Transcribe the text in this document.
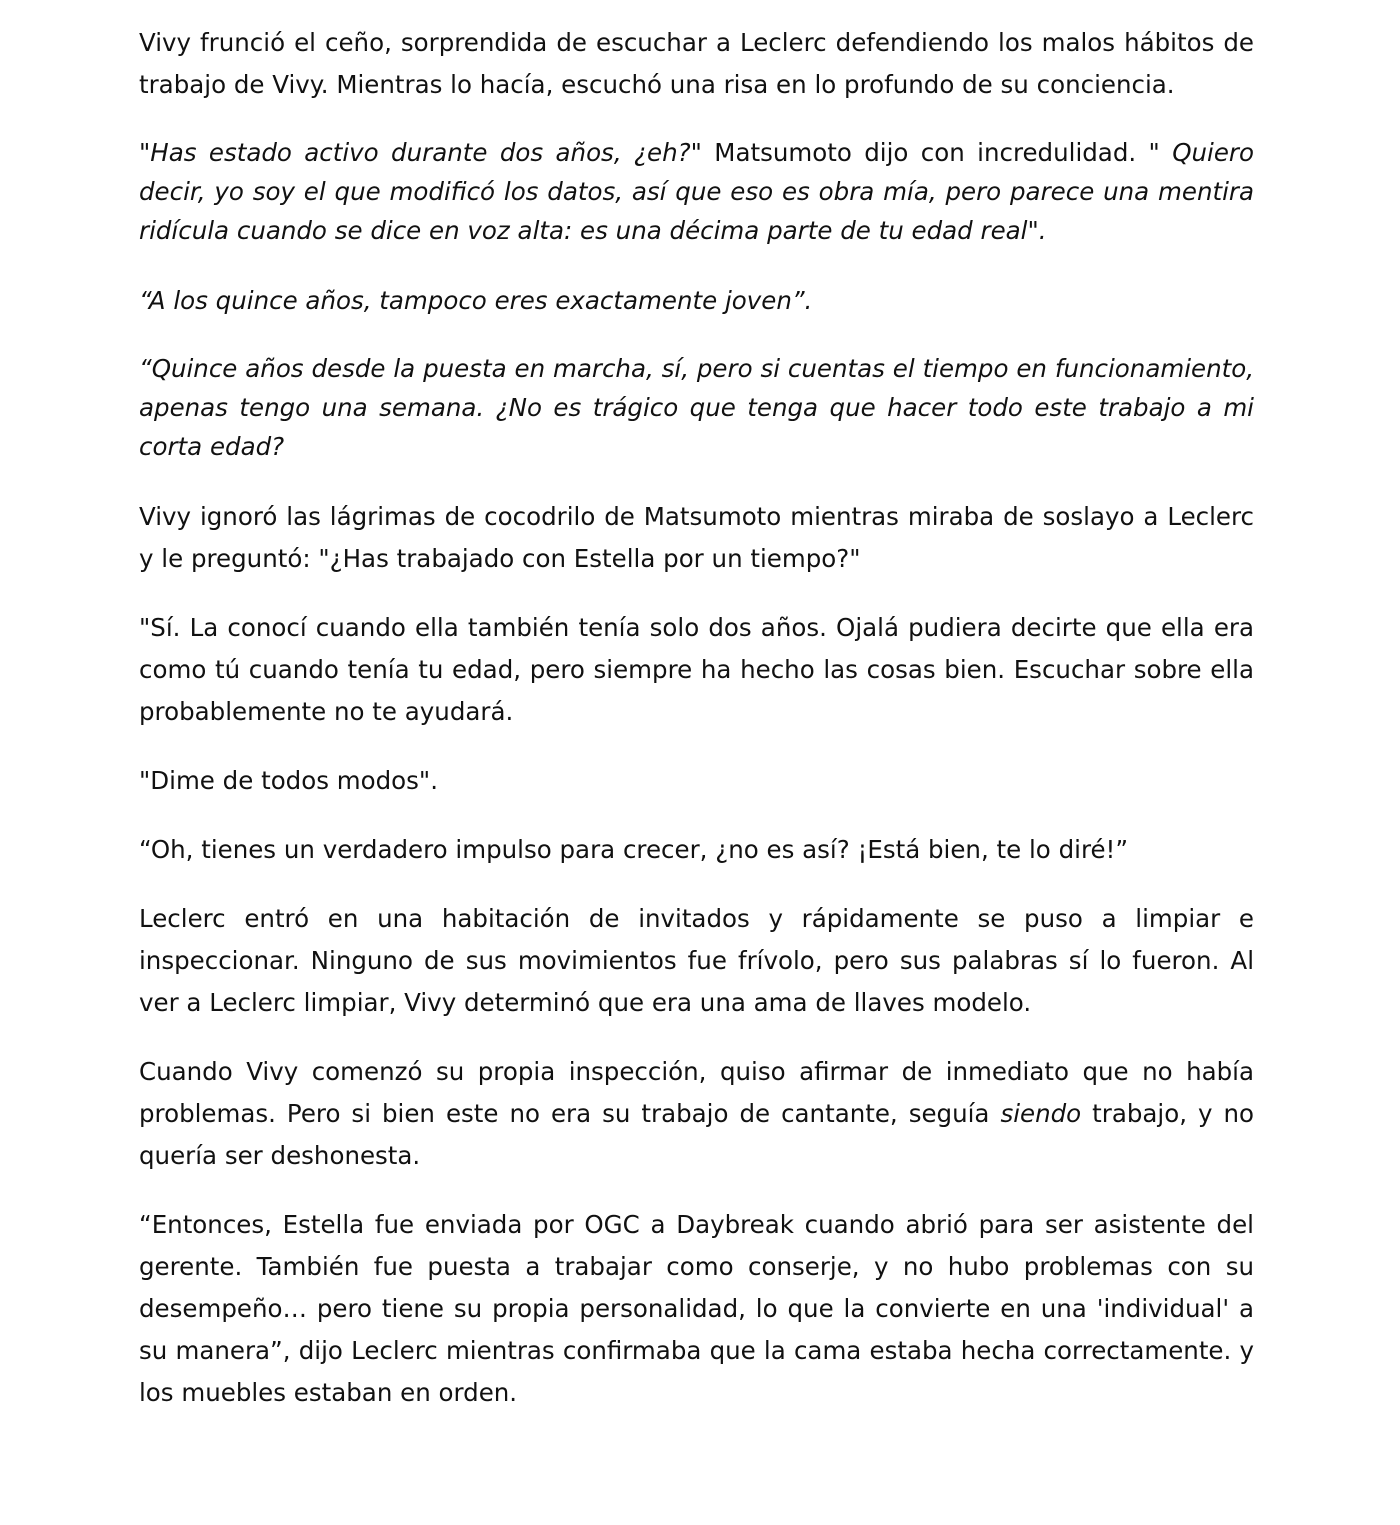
Vivy frunció el ceño, sorprendida de escuchar a Leclerc defendiendo los malos hábitos de trabajo de Vivy. Mientras lo hacía, escuchó una risa en lo profundo de su conciencia.

"Has estado activo durante dos años, ¿eh?" Matsumoto dijo con incredulidad. " Quiero decir, yo soy el que modificó los datos, así que eso es obra mía, pero parece una mentira ridícula cuando se dice en voz alta: es una décima parte de tu edad real".

“A los quince años, tampoco eres exactamente joven”.

“Quince años desde la puesta en marcha, sí, pero si cuentas el tiempo en funcionamiento, apenas tengo una semana. ¿No es trágico que tenga que hacer todo este trabajo a mi corta edad?

Vivy ignoró las lágrimas de cocodrilo de Matsumoto mientras miraba de soslayo a Leclerc y le preguntó: "¿Has trabajado con Estella por un tiempo?"

"Sí. La conocí cuando ella también tenía solo dos años. Ojalá pudiera decirte que ella era como tú cuando tenía tu edad, pero siempre ha hecho las cosas bien. Escuchar sobre ella probablemente no te ayudará.

"Dime de todos modos".

“Oh, tienes un verdadero impulso para crecer, ¿no es así? ¡Está bien, te lo diré!”

Leclerc entró en una habitación de invitados y rápidamente se puso a limpiar e inspeccionar. Ninguno de sus movimientos fue frívolo, pero sus palabras sí lo fueron. Al ver a Leclerc limpiar, Vivy determinó que era una ama de llaves modelo.

Cuando Vivy comenzó su propia inspección, quiso afirmar de inmediato que no había problemas. Pero si bien este no era su trabajo de cantante, seguía siendo trabajo, y no quería ser deshonesta.

“Entonces, Estella fue enviada por OGC a Daybreak cuando abrió para ser asistente del gerente. También fue puesta a trabajar como conserje, y no hubo problemas con su desempeño… pero tiene su propia personalidad, lo que la convierte en una 'individual' a su manera”, dijo Leclerc mientras confirmaba que la cama estaba hecha correctamente. y los muebles estaban en orden.
